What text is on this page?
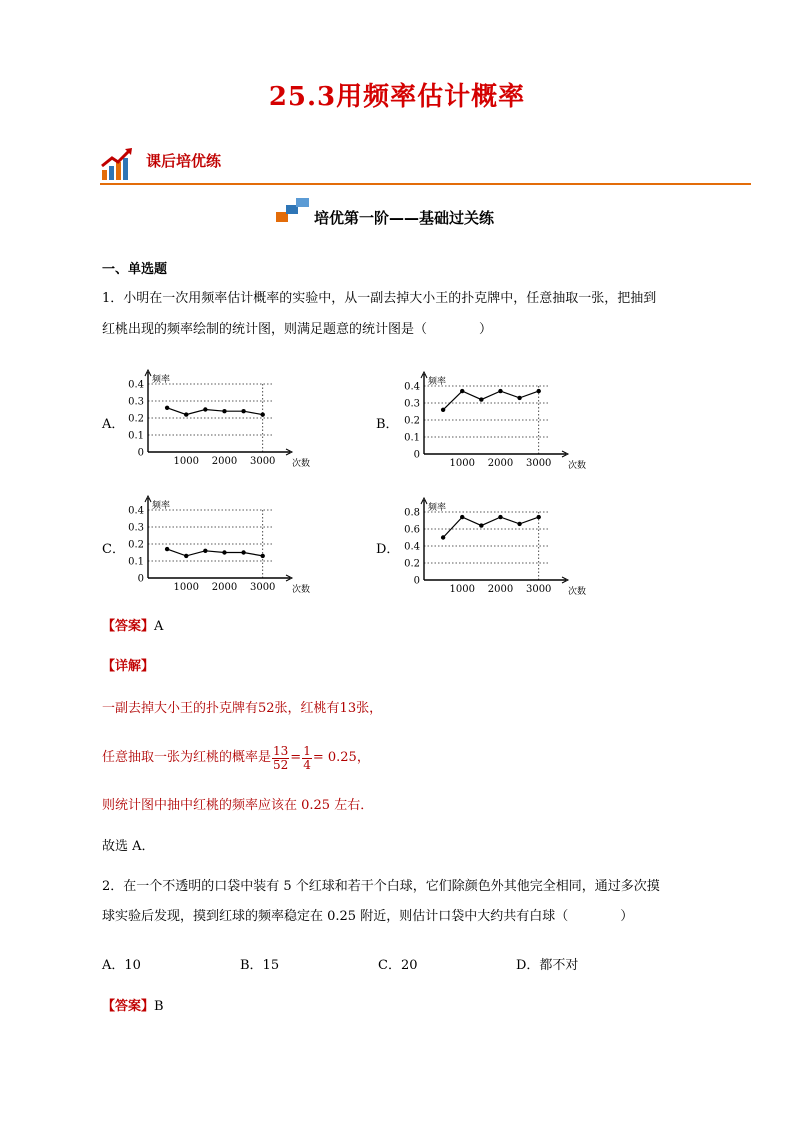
25.3用频率估计概率
课后培优练
培优第一阶——基础过关练
一、单选题
1．小明在一次用频率估计概率的实验中，从一副去掉大小王的扑克牌中，任意抽取一张，把抽到
红桃出现的频率绘制的统计图，则满足题意的统计图是（　　　　）
A．	B．
C．	D．
频率
次数
0
0.1
0.2
0.3
0.4
1000 2000 3000
频率
次数
0
0.1
0.2
0.3
0.4
1000 2000 3000
频率
次数
0
0.1
0.2
0.3
0.4
1000 2000 3000
频率
次数
0
0.2
0.4
0.6
0.8
1000 2000 3000
【答案】A
【详解】
一副去掉大小王的扑克牌有52张，红桃有13张，
任意抽取一张为红桃的概率是 $\frac{13}{52} = \frac{1}{4} = 0.25$，
则统计图中抽中红桃的频率应该在 0.25 左右．
故选 A．
2．在一个不透明的口袋中装有 5 个红球和若干个白球，它们除颜色外其他完全相同，通过多次摸
球实验后发现，摸到红球的频率稳定在 0.25 附近，则估计口袋中大约共有白球（　　　　）
A．10	B．15	C．20	D．都不对
【答案】B
